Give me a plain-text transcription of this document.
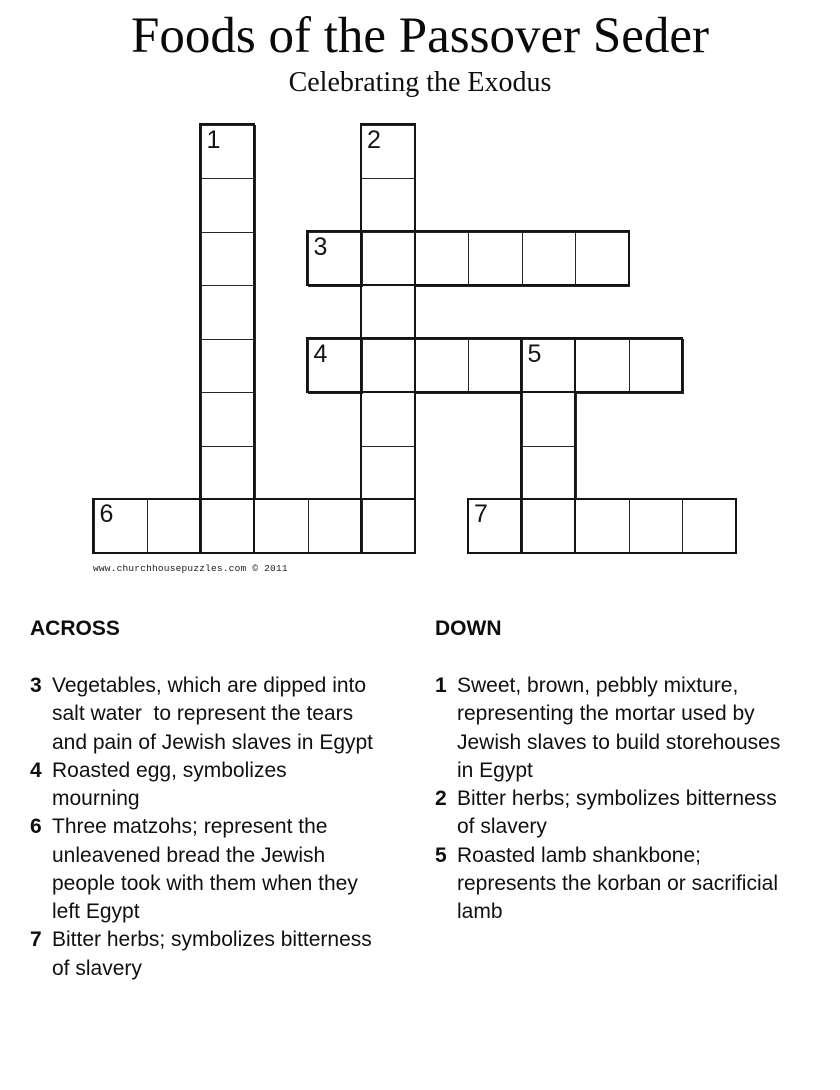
Foods of the Passover Seder
Celebrating the Exodus
1	2
3
4	5
6	7
www.churchhousepuzzles.com © 2011
ACROSS	DOWN
3 Vegetables, which are dipped into
salt water  to represent the tears
and pain of Jewish slaves in Egypt
4 Roasted egg, symbolizes
mourning
6 Three matzohs; represent the
unleavened bread the Jewish
people took with them when they
left Egypt
7 Bitter herbs; symbolizes bitterness
of slavery
1 Sweet, brown, pebbly mixture,
representing the mortar used by
Jewish slaves to build storehouses
in Egypt
2 Bitter herbs; symbolizes bitterness
of slavery
5 Roasted lamb shankbone;
represents the korban or sacrificial
lamb
